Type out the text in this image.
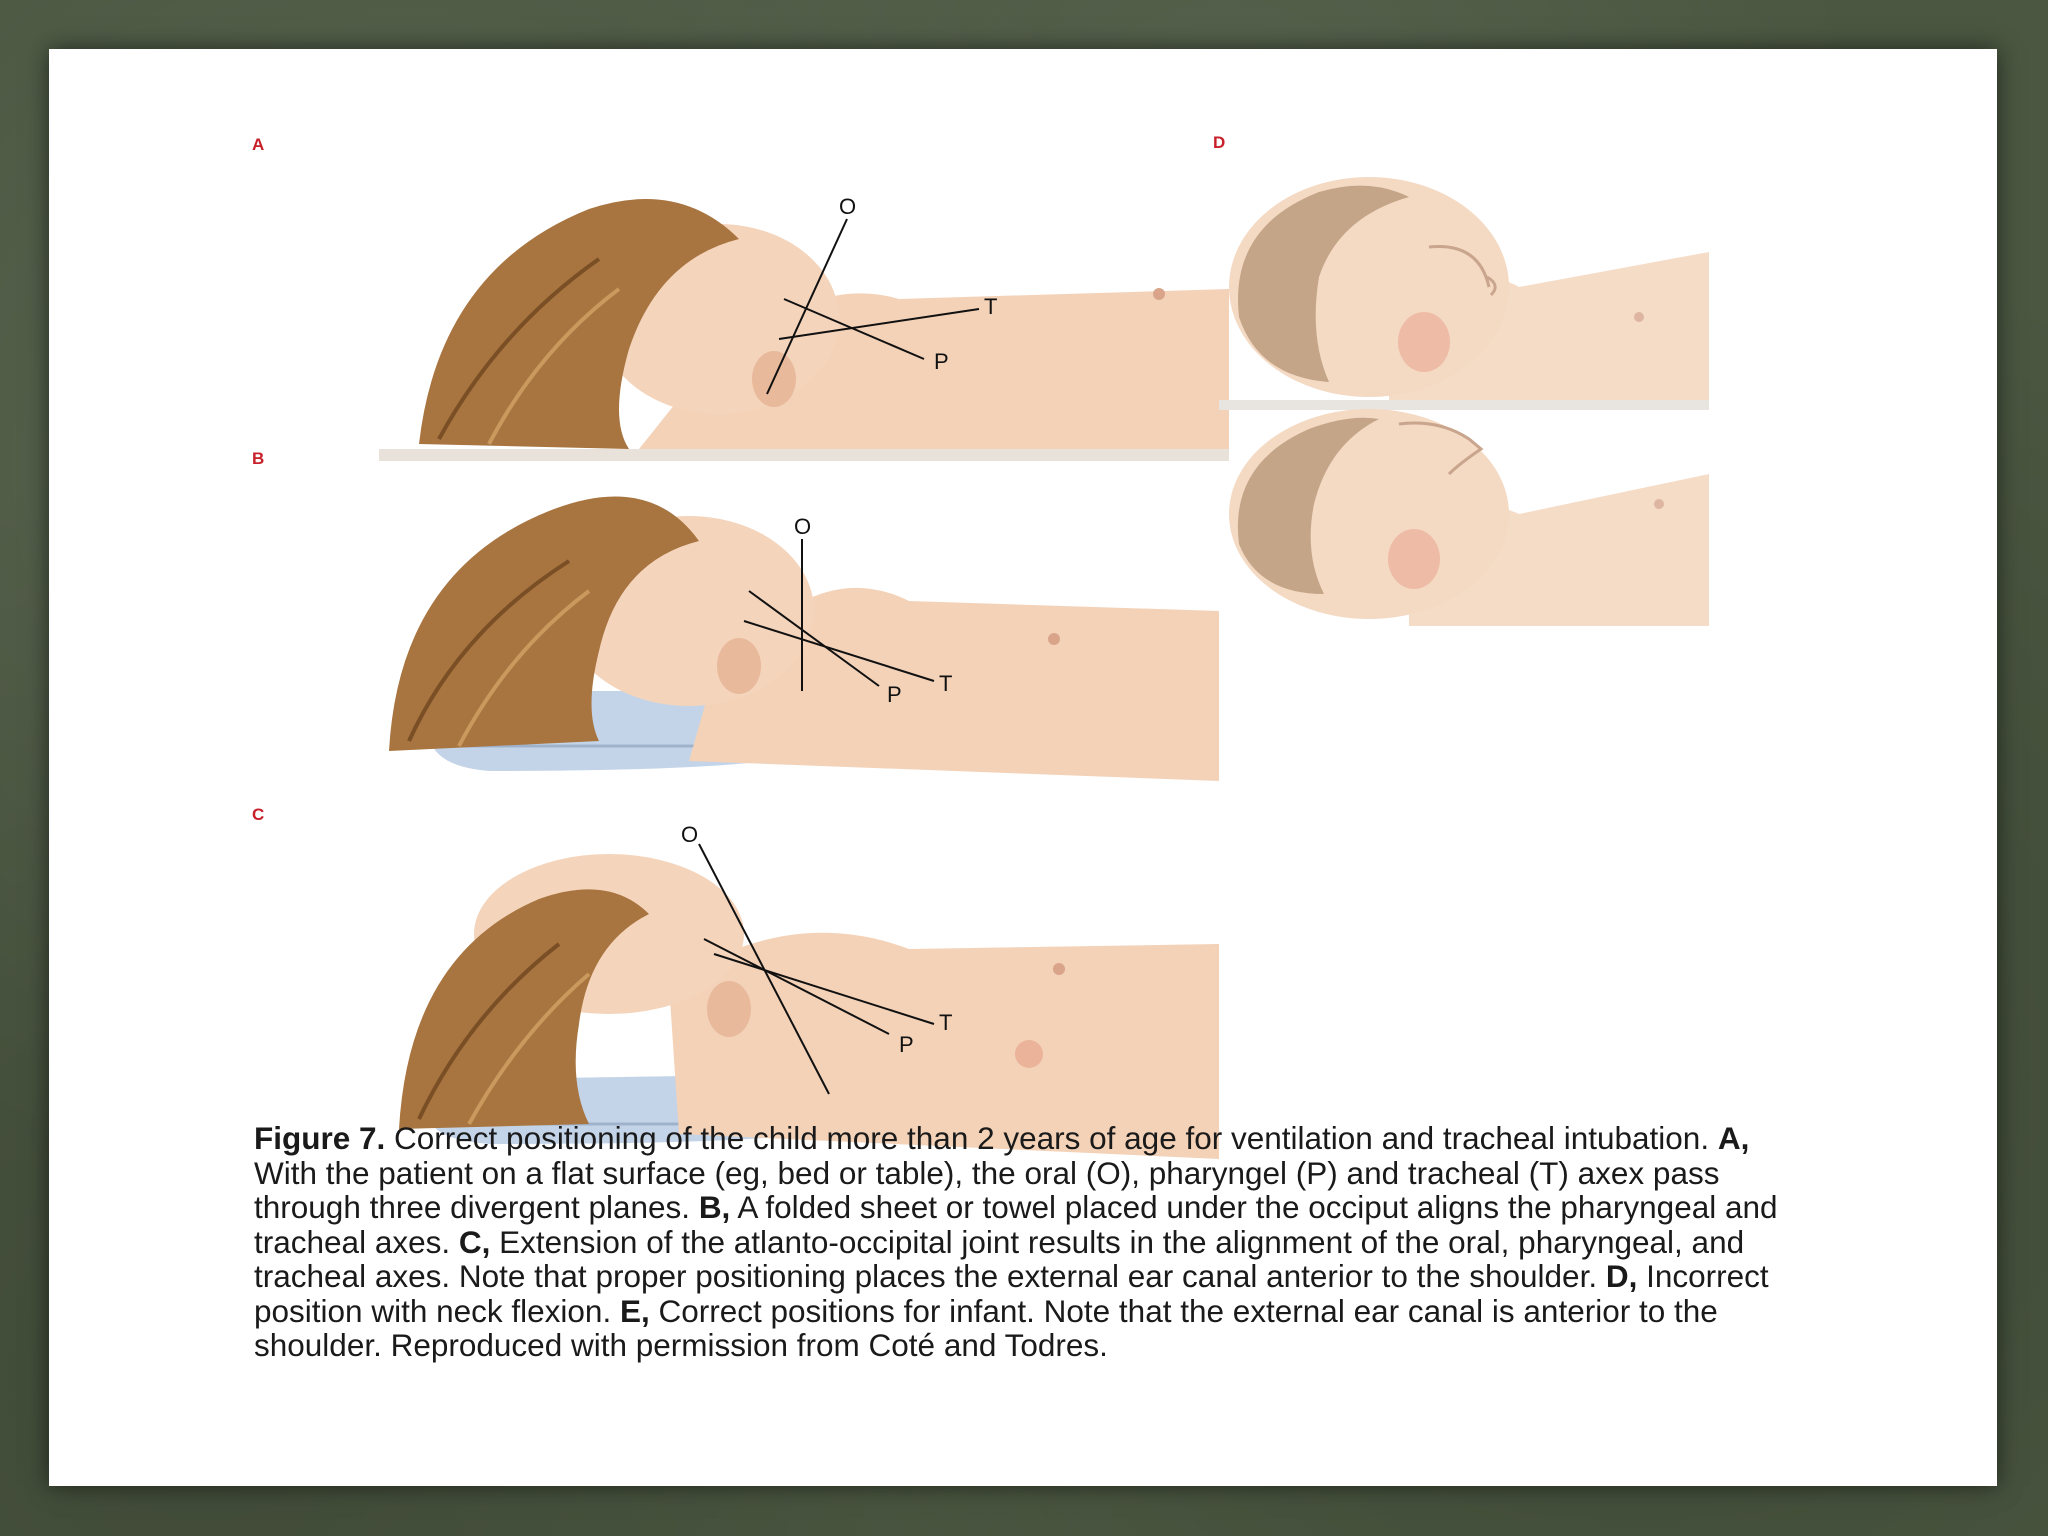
A
B
C
D
O
P
T
O
P T
O
P
T
Figure 7. Correct positioning of the child more than 2 years of age for ventilation and tracheal intubation. A, With the patient on a flat surface (eg, bed or table), the oral (O), pharyngel (P) and tracheal (T) axex pass through three divergent planes. B, A folded sheet or towel placed under the occiput aligns the pharyngeal and tracheal axes. C, Extension of the atlanto-occipital joint results in the alignment of the oral, pharyngeal, and tracheal axes. Note that proper positioning places the external ear canal anterior to the shoulder. D, Incorrect position with neck flexion. E, Correct positions for infant. Note that the external ear canal is anterior to the shoulder. Reproduced with permission from Coté and Todres.
